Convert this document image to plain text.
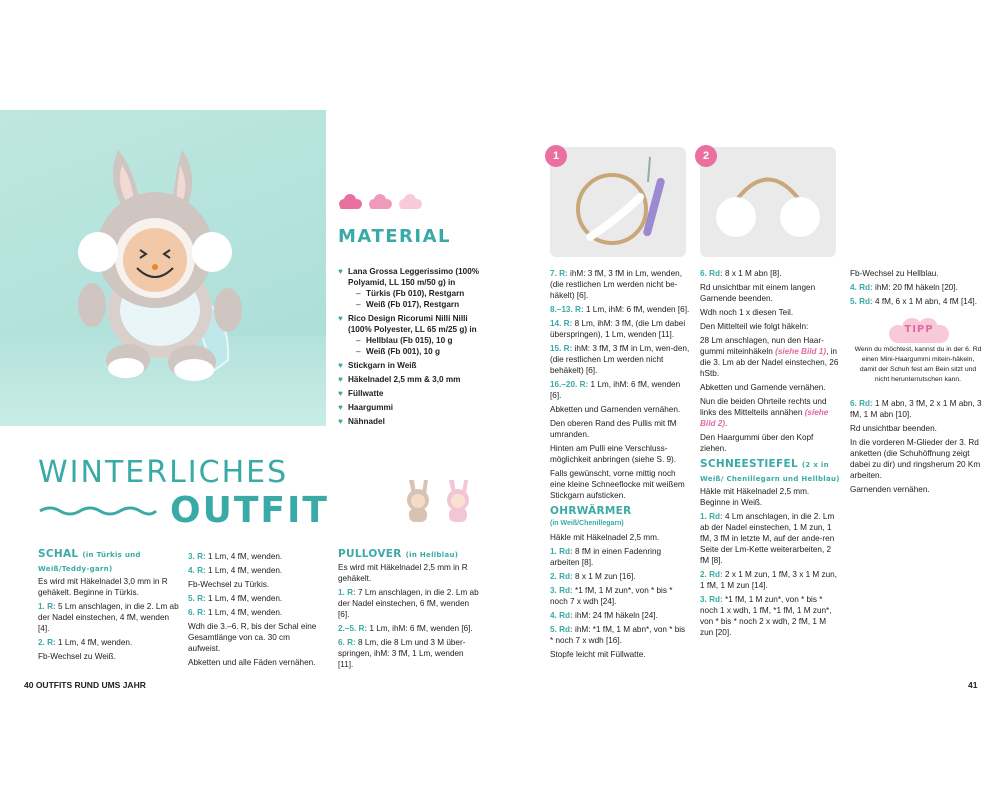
MATERIAL
♥ Lana Grossa Leggerissimo (100% Polyamid, LL 150 m/50 g) in
– Türkis (Fb 010), Restgarn
– Weiß (Fb 017), Restgarn
♥ Rico Design Ricorumi Nilli Nilli (100% Polyester, LL 65 m/25 g) in
– Hellblau (Fb 015), 10 g
– Weiß (Fb 001), 10 g
♥ Stickgarn in Weiß
♥ Häkelnadel 2,5 mm & 3,0 mm
♥ Füllwatte
♥ Haargummi
♥ Nähnadel
WINTERLICHES
OUTFIT
SCHAL (in Türkis und Weiß/Teddy-garn)

Es wird mit Häkelnadel 3,0 mm in R gehäkelt. Beginne in Türkis.

1. R: 5 Lm anschlagen, in die 2. Lm ab der Nadel einstechen, 4 fM, wenden [4].

2. R: 1 Lm, 4 fM, wenden.

Fb-Wechsel zu Weiß.

3. R: 1 Lm, 4 fM, wenden.

4. R: 1 Lm, 4 fM, wenden.

Fb-Wechsel zu Türkis.

5. R: 1 Lm, 4 fM, wenden.

6. R: 1 Lm, 4 fM, wenden.

Wdh die 3.–6. R, bis der Schal eine Gesamtlänge von ca. 30 cm aufweist.

Abketten und alle Fäden vernähen.

PULLOVER (in Hellblau)

Es wird mit Häkelnadel 2,5 mm in R gehäkelt.

1. R: 7 Lm anschlagen, in die 2. Lm ab der Nadel einstechen, 6 fM, wenden [6].

2.–5. R: 1 Lm, ihM: 6 fM, wenden [6].

6. R: 8 Lm, die 8 Lm und 3 M über-springen, ihM: 3 fM, 1 Lm, wenden [11].

1	2

7. R: ihM: 3 fM, 3 fM in Lm, wenden, (die restlichen Lm werden nicht be-häkelt) [6].

8.–13. R: 1 Lm, ihM: 6 fM, wenden [6].

14. R: 8 Lm, ihM: 3 fM, (die Lm dabei überspringen), 1 Lm, wenden [11].

15. R: ihM: 3 fM, 3 fM in Lm, wen-den, (die restlichen Lm werden nicht behäkelt) [6].

16.–20. R: 1 Lm, ihM: 6 fM, wenden [6].

Abketten und Garnenden vernähen.

Den oberen Rand des Pullis mit fM umranden.

Hinten am Pulli eine Verschluss-möglichkeit anbringen (siehe S. 9).

Falls gewünscht, vorne mittig noch eine kleine Schneeflocke mit weißem Stickgarn aufsticken.

OHRWÄRMER
(in Weiß/Chenillegarn)

Häkle mit Häkelnadel 2,5 mm.

1. Rd: 8 fM in einen Fadenring arbeiten [8].

2. Rd: 8 x 1 M zun [16].

3. Rd: *1 fM, 1 M zun*, von * bis * noch 7 x wdh [24].

4. Rd: ihM: 24 fM häkeln [24].

5. Rd: ihM: *1 fM, 1 M abn*, von * bis * noch 7 x wdh [16].

Stopfe leicht mit Füllwatte.

6. Rd: 8 x 1 M abn [8].

Rd unsichtbar mit einem langen Garnende beenden.

Wdh noch 1 x diesen Teil.

Den Mittelteil wie folgt häkeln:

28 Lm anschlagen, nun den Haar-gummi miteinhäkeln (siehe Bild 1), in die 3. Lm ab der Nadel einstechen, 26 hStb.

Abketten und Garnende vernähen.

Nun die beiden Ohrteile rechts und links des Mittelteils annähen (siehe Bild 2).

Den Haargummi über den Kopf ziehen.

SCHNEESTIEFEL (2 x in Weiß/ Chenillegarn und Hellblau)

Häkle mit Häkelnadel 2,5 mm. Beginne in Weiß.

1. Rd: 4 Lm anschlagen, in die 2. Lm ab der Nadel einstechen, 1 M zun, 1 fM, 3 fM in letzte M, auf der ande-ren Seite der Lm-Kette weiterarbeiten, 2 fM [8].

2. Rd: 2 x 1 M zun, 1 fM, 3 x 1 M zun, 1 fM, 1 M zun [14].

3. Rd: *1 fM, 1 M zun*, von * bis * noch 1 x wdh, 1 fM, *1 fM, 1 M zun*, von * bis * noch 2 x wdh, 2 fM, 1 M zun [20].

Fb-Wechsel zu Hellblau.

4. Rd: ihM: 20 fM häkeln [20].

5. Rd: 4 fM, 6 x 1 M abn, 4 fM [14].

TIPP
Wenn du möchtest, kannst du in der 6. Rd einen Mini-Haargummi mitein-häkeln, damit der Schuh fest am Bein sitzt und nicht herunterrutschen kann.

6. Rd: 1 M abn, 3 fM, 2 x 1 M abn, 3 fM, 1 M abn [10].

Rd unsichtbar beenden.

In die vorderen M-Glieder der 3. Rd anketten (die Schuhöffnung zeigt dabei zu dir) und ringsherum 20 Km arbeiten.

Garnenden vernähen.

40 OUTFITS RUND UMS JAHR	41
